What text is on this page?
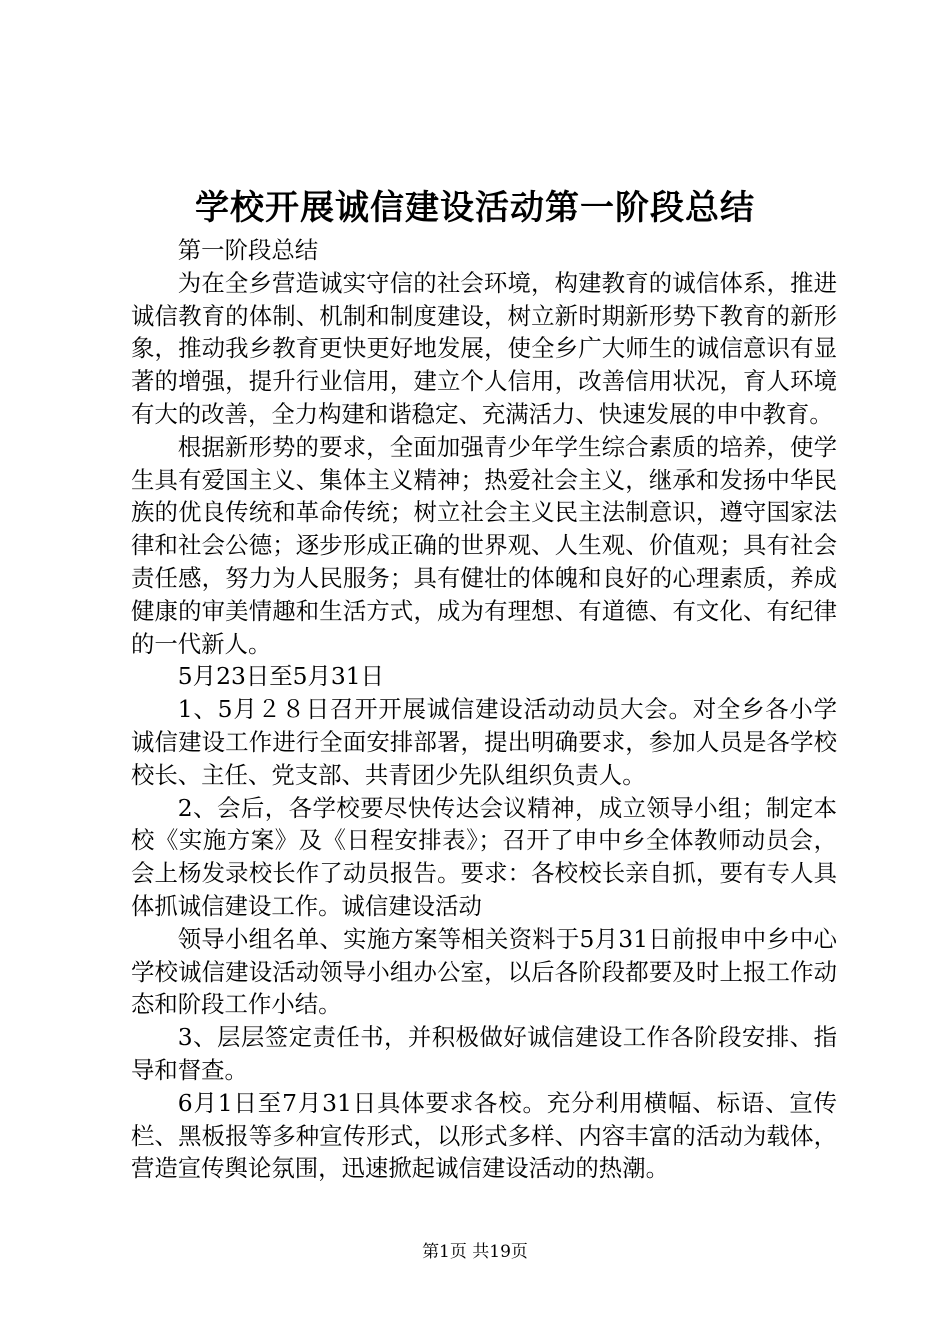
学校开展诚信建设活动第一阶段总结

第一阶段总结

为在全乡营造诚实守信的社会环境，构建教育的诚信体系，推进诚信教育的体制、机制和制度建设，树立新时期新形势下教育的新形象，推动我乡教育更快更好地发展，使全乡广大师生的诚信意识有显著的增强，提升行业信用，建立个人信用，改善信用状况，育人环境有大的改善，全力构建和谐稳定、充满活力、快速发展的申中教育。

根据新形势的要求，全面加强青少年学生综合素质的培养，使学生具有爱国主义、集体主义精神；热爱社会主义，继承和发扬中华民族的优良传统和革命传统；树立社会主义民主法制意识，遵守国家法律和社会公德；逐步形成正确的世界观、人生观、价值观；具有社会责任感，努力为人民服务；具有健壮的体魄和良好的心理素质，养成健康的审美情趣和生活方式，成为有理想、有道德、有文化、有纪律的一代新人。

5月23日至5月31日

1、5月２８日召开开展诚信建设活动动员大会。对全乡各小学诚信建设工作进行全面安排部署，提出明确要求，参加人员是各学校校长、主任、党支部、共青团少先队组织负责人。

2、会后，各学校要尽快传达会议精神，成立领导小组；制定本校《实施方案》及《日程安排表》；召开了申中乡全体教师动员会，会上杨发录校长作了动员报告。要求：各校校长亲自抓，要有专人具体抓诚信建设工作。诚信建设活动

领导小组名单、实施方案等相关资料于5月31日前报申中乡中心学校诚信建设活动领导小组办公室，以后各阶段都要及时上报工作动态和阶段工作小结。

3、层层签定责任书，并积极做好诚信建设工作各阶段安排、指导和督查。

6月1日至7月31日具体要求各校。充分利用横幅、标语、宣传栏、黑板报等多种宣传形式，以形式多样、内容丰富的活动为载体，营造宣传舆论氛围，迅速掀起诚信建设活动的热潮。

第1页 共19页
